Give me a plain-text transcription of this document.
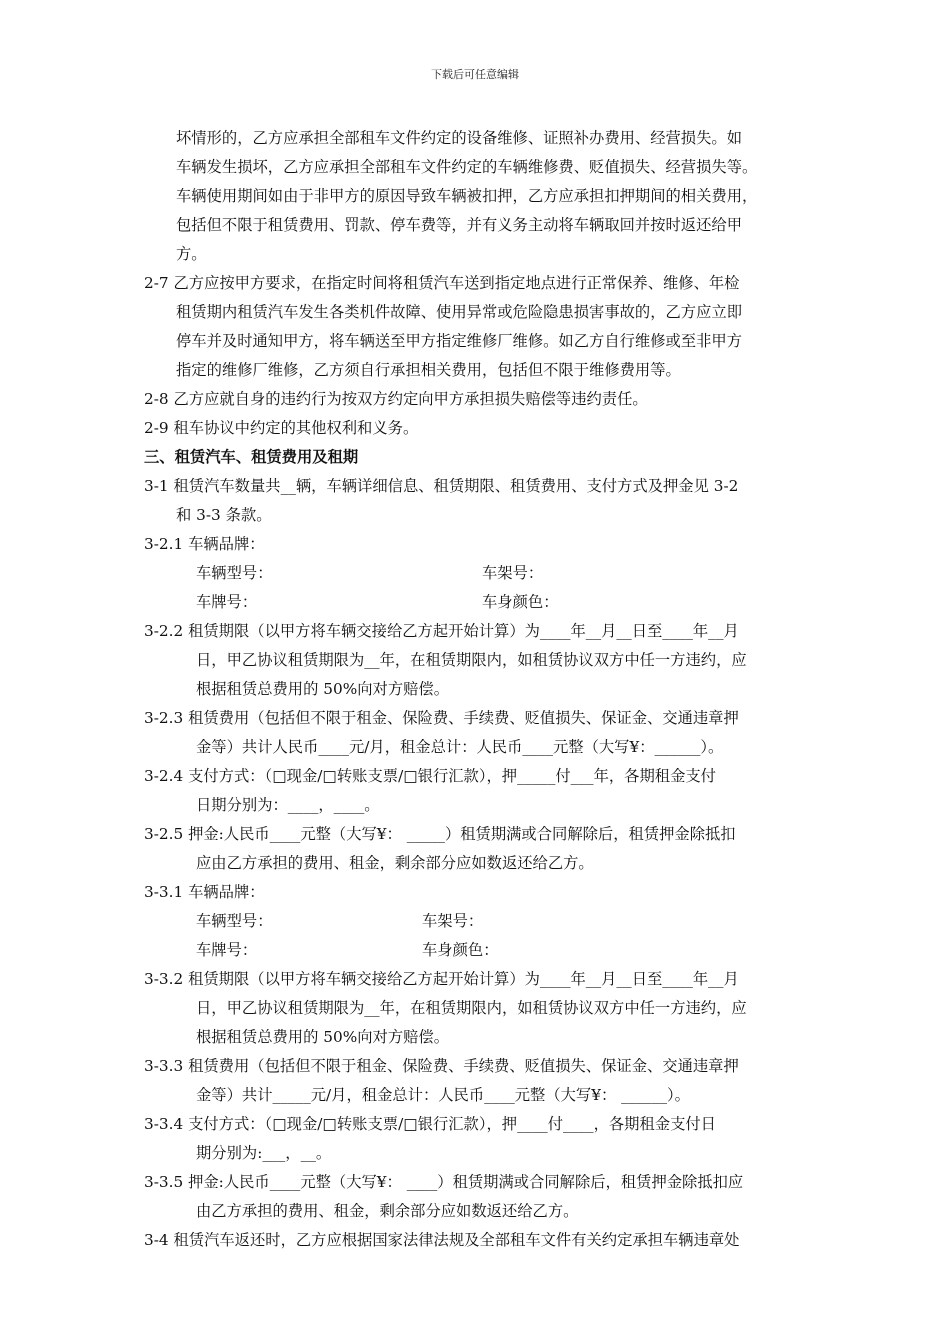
下载后可任意编辑
坏情形的，乙方应承担全部租车文件约定的设备维修、证照补办费用、经营损失。如
车辆发生损坏，乙方应承担全部租车文件约定的车辆维修费、贬值损失、经营损失等。
车辆使用期间如由于非甲方的原因导致车辆被扣押，乙方应承担扣押期间的相关费用，
包括但不限于租赁费用、罚款、停车费等，并有义务主动将车辆取回并按时返还给甲
方。
2-7 乙方应按甲方要求，在指定时间将租赁汽车送到指定地点进行正常保养、维修、年检
租赁期内租赁汽车发生各类机件故障、使用异常或危险隐患损害事故的，乙方应立即
停车并及时通知甲方，将车辆送至甲方指定维修厂维修。如乙方自行维修或至非甲方
指定的维修厂维修，乙方须自行承担相关费用，包括但不限于维修费用等。
2-8 乙方应就自身的违约行为按双方约定向甲方承担损失赔偿等违约责任。
2-9 租车协议中约定的其他权利和义务。
三、租赁汽车、租赁费用及租期
3-1 租赁汽车数量共__辆，车辆详细信息、租赁期限、租赁费用、支付方式及押金见 3-2
和 3-3 条款。
3-2.1 车辆品牌：
车辆型号：	车架号：
车牌号：	车身颜色：
3-2.2 租赁期限（以甲方将车辆交接给乙方起开始计算）为____年__月__日至____年__月
日，甲乙协议租赁期限为__年，在租赁期限内，如租赁协议双方中任一方违约，应
根据租赁总费用的 50%向对方赔偿。
3-2.3 租赁费用（包括但不限于租金、保险费、手续费、贬值损失、保证金、交通违章押
金等）共计人民币____元/月，租金总计：人民币____元整（大写¥：______）。
3-2.4 支付方式：（□现金/□转账支票/□银行汇款），押_____付___年，各期租金支付
日期分别为：____，____。
3-2.5 押金:人民币____元整（大写¥： _____）租赁期满或合同解除后，租赁押金除抵扣
应由乙方承担的费用、租金，剩余部分应如数返还给乙方。
3-3.1 车辆品牌：
车辆型号：	车架号：
车牌号：	车身颜色：
3-3.2 租赁期限（以甲方将车辆交接给乙方起开始计算）为____年__月__日至____年__月
日，甲乙协议租赁期限为__年，在租赁期限内，如租赁协议双方中任一方违约，应
根据租赁总费用的 50%向对方赔偿。
3-3.3 租赁费用（包括但不限于租金、保险费、手续费、贬值损失、保证金、交通违章押
金等）共计_____元/月，租金总计：人民币____元整（大写¥： ______）。
3-3.4 支付方式：（□现金/□转账支票/□银行汇款），押____付____，各期租金支付日
期分别为:___，__。
3-3.5 押金:人民币____元整（大写¥： ____）租赁期满或合同解除后，租赁押金除抵扣应
由乙方承担的费用、租金，剩余部分应如数返还给乙方。
3-4 租赁汽车返还时，乙方应根据国家法律法规及全部租车文件有关约定承担车辆违章处
